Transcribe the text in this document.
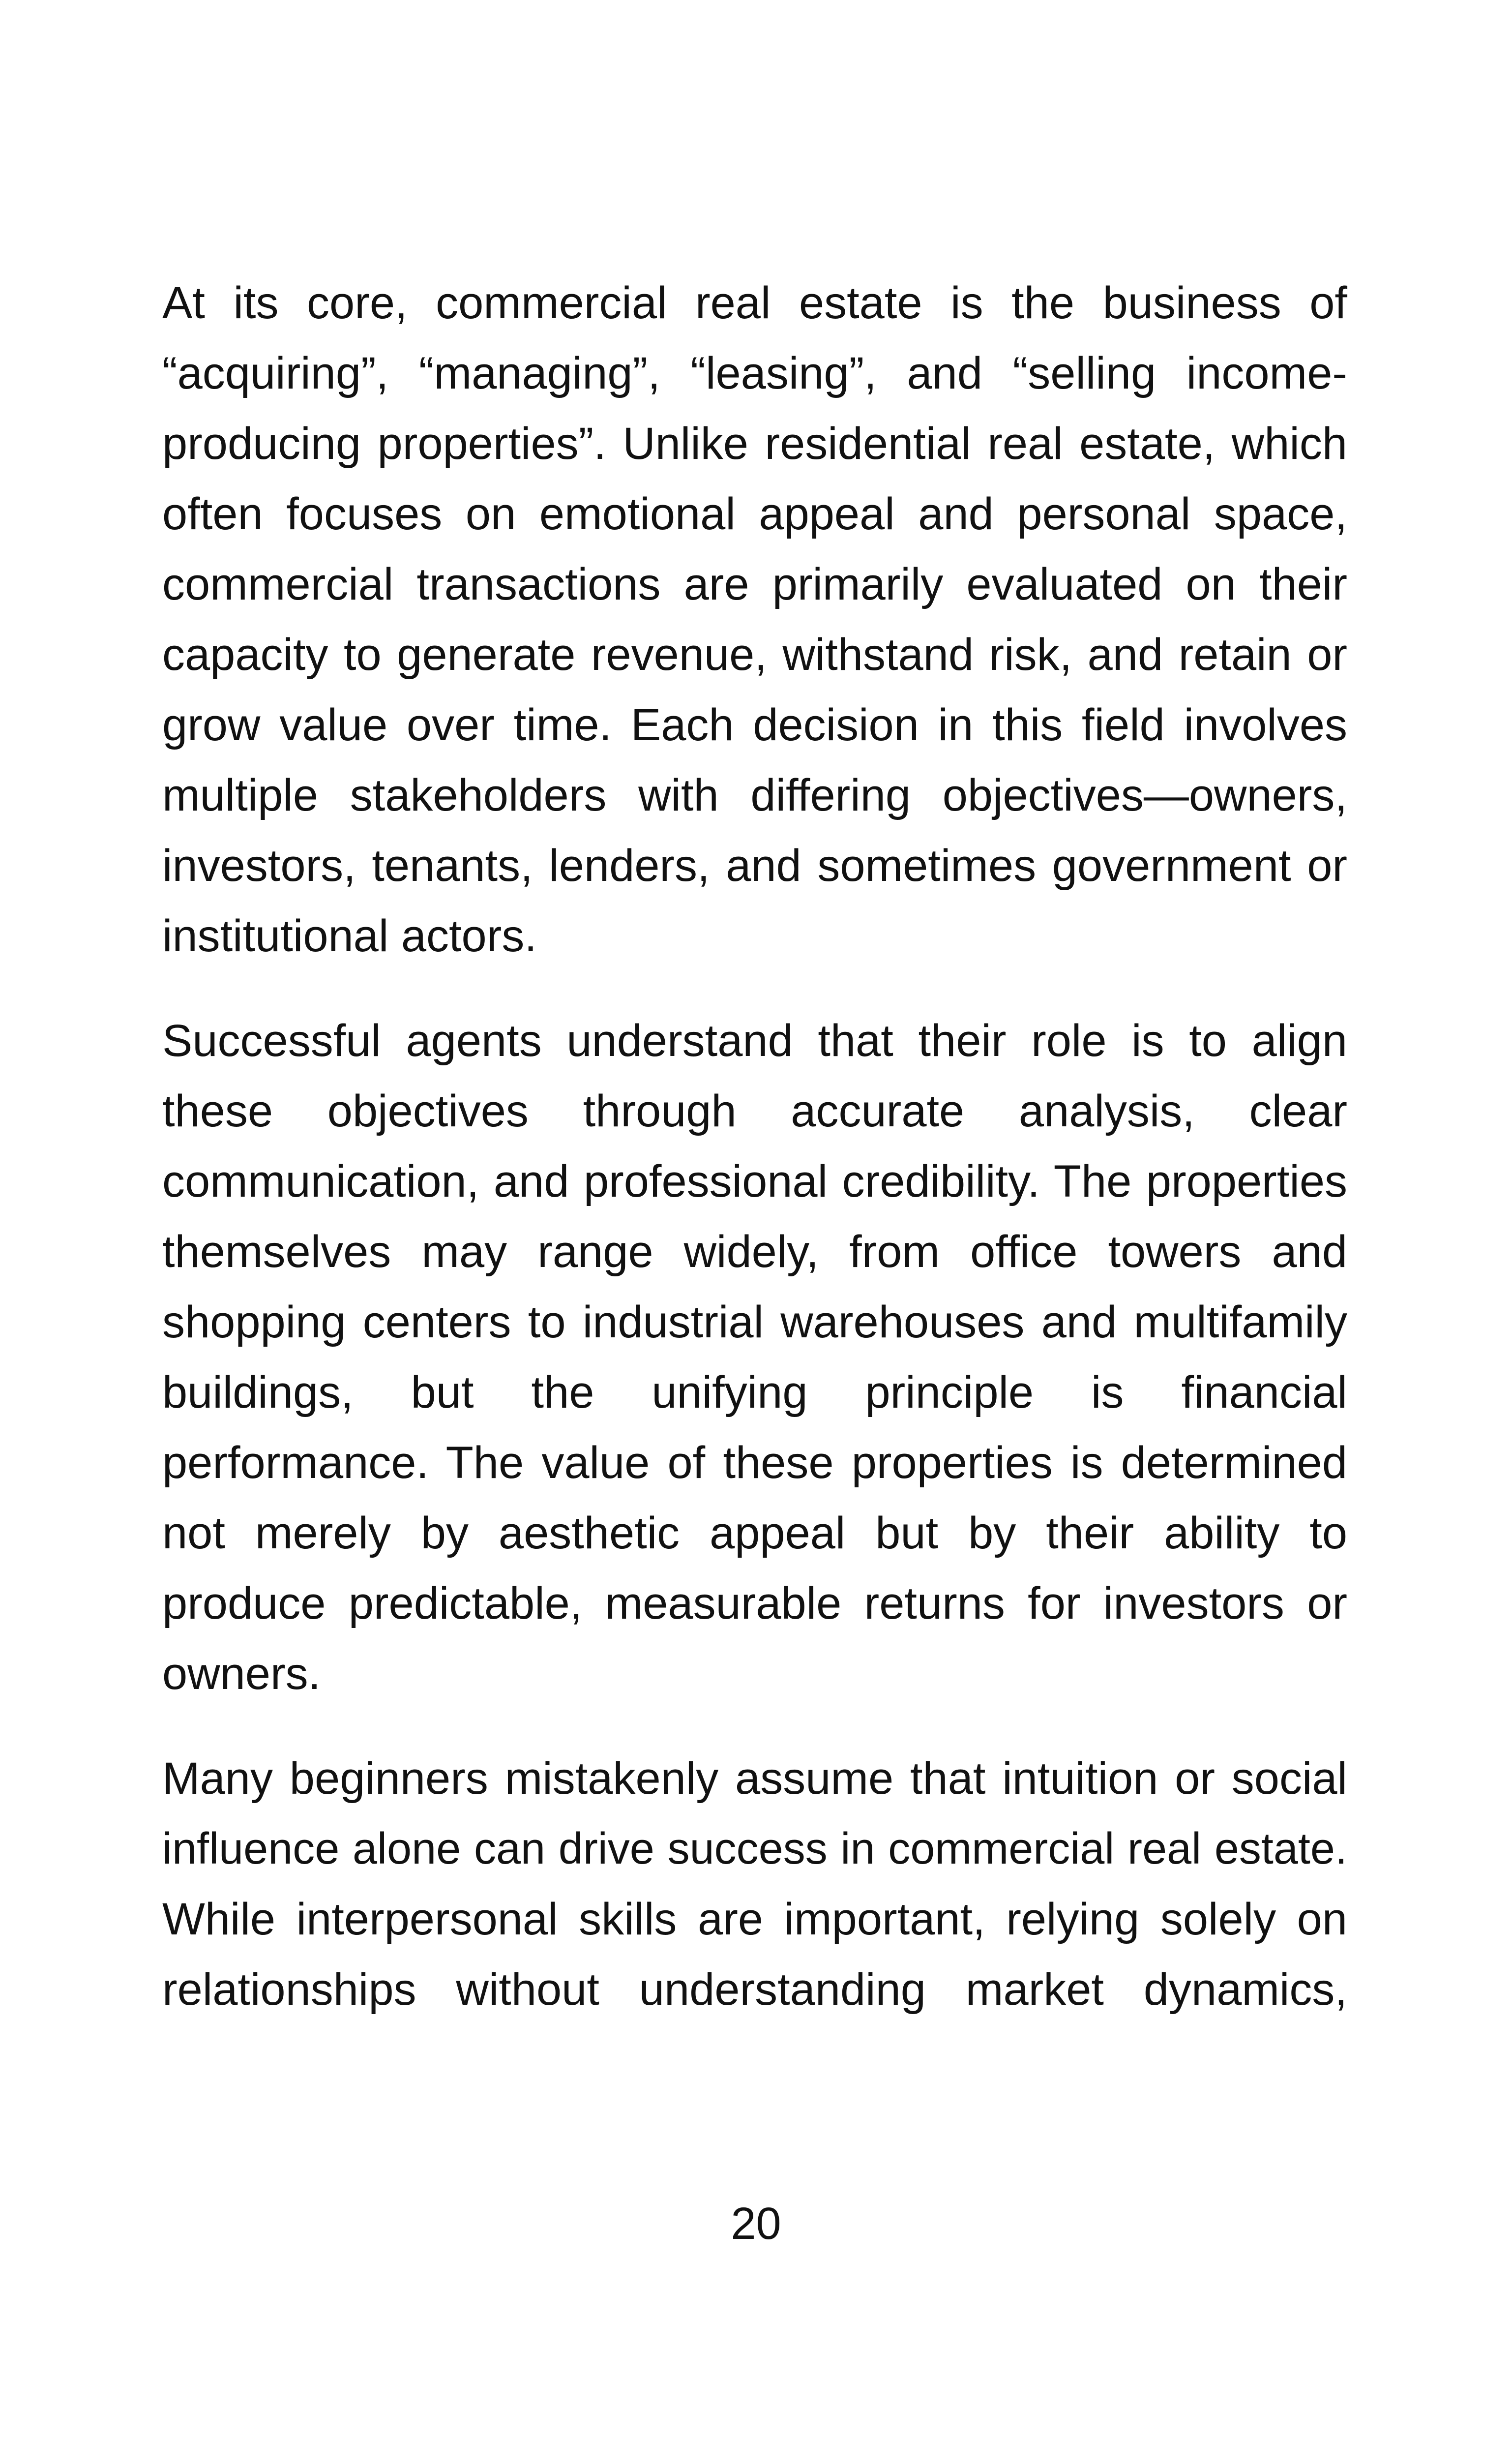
At its core, commercial real estate is the business of
“acquiring”, “managing”, “leasing”, and “selling income-
producing properties”. Unlike residential real estate, which
often focuses on emotional appeal and personal space,
commercial transactions are primarily evaluated on their
capacity to generate revenue, withstand risk, and retain or
grow value over time. Each decision in this field involves
multiple stakeholders with differing objectives—owners,
investors, tenants, lenders, and sometimes government or
institutional actors.
Successful agents understand that their role is to align
these objectives through accurate analysis, clear
communication, and professional credibility. The properties
themselves may range widely, from office towers and
shopping centers to industrial warehouses and multifamily
buildings, but the unifying principle is financial
performance. The value of these properties is determined
not merely by aesthetic appeal but by their ability to
produce predictable, measurable returns for investors or
owners.
Many beginners mistakenly assume that intuition or social
influence alone can drive success in commercial real estate.
While interpersonal skills are important, relying solely on
relationships without understanding market dynamics,
20
